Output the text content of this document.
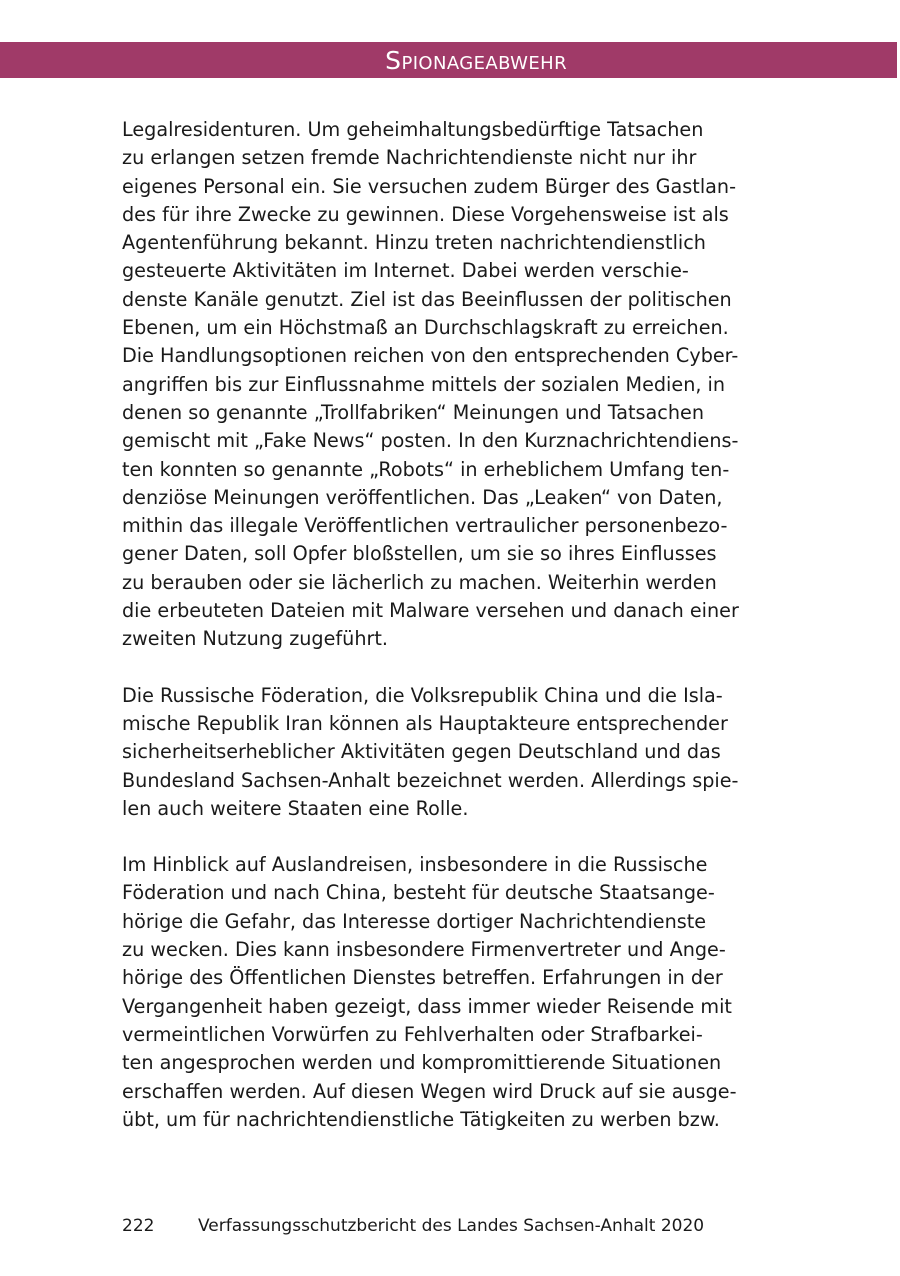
Spionageabwehr
Legalresidenturen. Um geheimhaltungsbedürftige Tatsachen
zu erlangen setzen fremde Nachrichtendienste nicht nur ihr
eigenes Personal ein. Sie versuchen zudem Bürger des Gastlan-
des für ihre Zwecke zu gewinnen. Diese Vorgehensweise ist als
Agentenführung bekannt. Hinzu treten nachrichtendienstlich
gesteuerte Aktivitäten im Internet. Dabei werden verschie-
denste Kanäle genutzt. Ziel ist das Beeinflussen der politischen
Ebenen, um ein Höchstmaß an Durchschlagskraft zu erreichen.
Die Handlungsoptionen reichen von den entsprechenden Cyber-
angriffen bis zur Einflussnahme mittels der sozialen Medien, in
denen so genannte „Trollfabriken“ Meinungen und Tatsachen
gemischt mit „Fake News“ posten. In den Kurznachrichtendiens-
ten konnten so genannte „Robots“ in erheblichem Umfang ten-
denziöse Meinungen veröffentlichen. Das „Leaken“ von Daten,
mithin das illegale Veröffentlichen vertraulicher personenbezo-
gener Daten, soll Opfer bloßstellen, um sie so ihres Einflusses
zu berauben oder sie lächerlich zu machen. Weiterhin werden
die erbeuteten Dateien mit Malware versehen und danach einer
zweiten Nutzung zugeführt.
Die Russische Föderation, die Volksrepublik China und die Isla-
mische Republik Iran können als Hauptakteure entsprechender
sicherheitserheblicher Aktivitäten gegen Deutschland und das
Bundesland Sachsen-Anhalt bezeichnet werden. Allerdings spie-
len auch weitere Staaten eine Rolle.
Im Hinblick auf Auslandreisen, insbesondere in die Russische
Föderation und nach China, besteht für deutsche Staatsange-
hörige die Gefahr, das Interesse dortiger Nachrichtendienste
zu wecken. Dies kann insbesondere Firmenvertreter und Ange-
hörige des Öffentlichen Dienstes betreffen. Erfahrungen in der
Vergangenheit haben gezeigt, dass immer wieder Reisende mit
vermeintlichen Vorwürfen zu Fehlverhalten oder Strafbarkei-
ten angesprochen werden und kompromittierende Situationen
erschaffen werden. Auf diesen Wegen wird Druck auf sie ausge-
übt, um für nachrichtendienstliche Tätigkeiten zu werben bzw.
222	Verfassungsschutzbericht des Landes Sachsen-Anhalt 2020
